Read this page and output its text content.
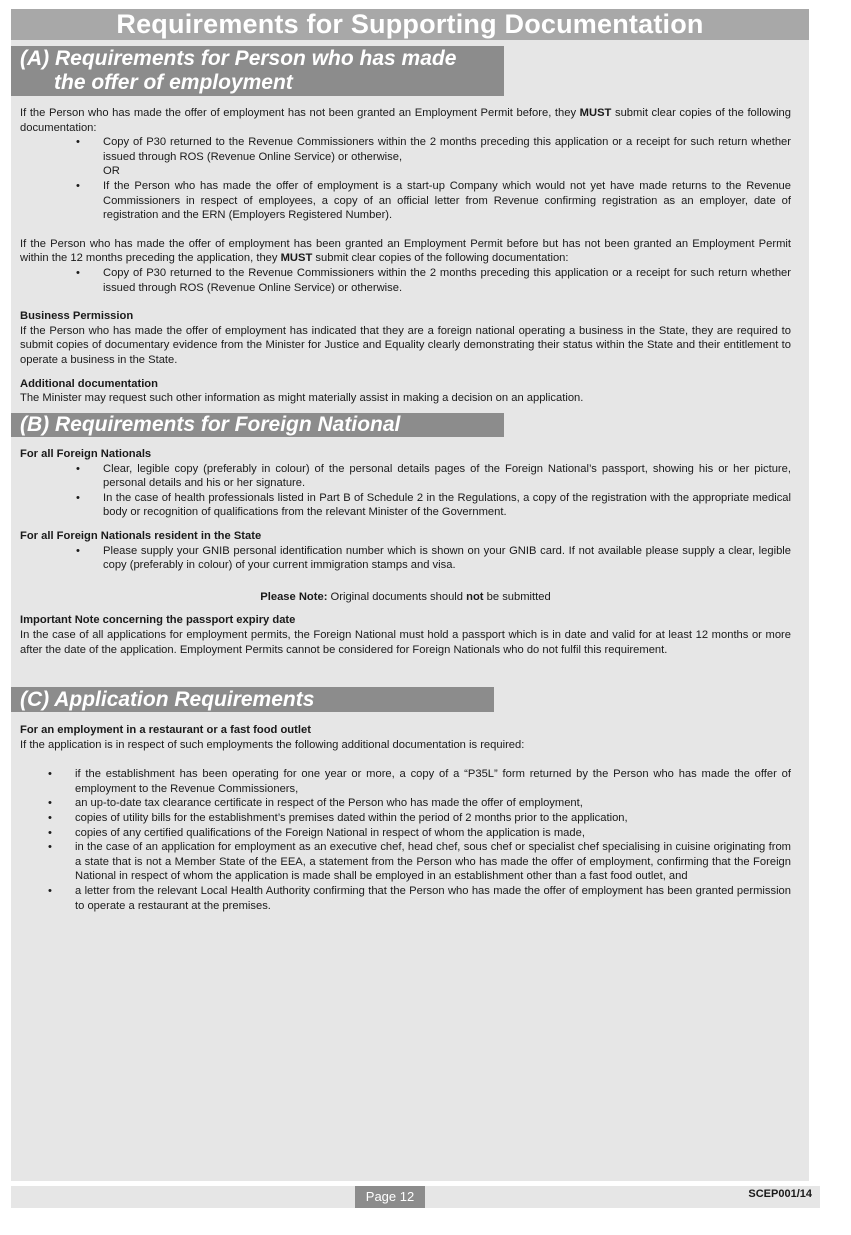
Requirements for Supporting Documentation
(A) Requirements for Person who has made
the offer of employment

If the Person who has made the offer of employment has not been granted an Employment Permit before, they MUST submit clear copies of the following documentation:

• Copy of P30 returned to the Revenue Commissioners within the 2 months preceding this application or a receipt for such return whether issued through ROS (Revenue Online Service) or otherwise,
OR
• If the Person who has made the offer of employment is a start-up Company which would not yet have made returns to the Revenue Commissioners in respect of employees, a copy of an official letter from Revenue confirming registration as an employer, date of registration and the ERN (Employers Registered Number).

If the Person who has made the offer of employment has been granted an Employment Permit before but has not been granted an Employment Permit within the 12 months preceding the application, they MUST submit clear copies of the following documentation:

• Copy of P30 returned to the Revenue Commissioners within the 2 months preceding this application or a receipt for such return whether issued through ROS (Revenue Online Service) or otherwise.

Business Permission

If the Person who has made the offer of employment has indicated that they are a foreign national operating a business in the State, they are required to submit copies of documentary evidence from the Minister for Justice and Equality clearly demonstrating their status within the State and their entitlement to operate a business in the State.

Additional documentation

The Minister may request such other information as might materially assist in making a decision on an application.

(B) Requirements for Foreign National

For all Foreign Nationals

• Clear, legible copy (preferably in colour) of the personal details pages of the Foreign National’s passport, showing his or her picture, personal details and his or her signature.
• In the case of health professionals listed in Part B of Schedule 2 in the Regulations, a copy of the registration with the appropriate medical body or recognition of qualifications from the relevant Minister of the Government.

For all Foreign Nationals resident in the State

• Please supply your GNIB personal identification number which is shown on your GNIB card. If not available please supply a clear, legible copy (preferably in colour) of your current immigration stamps and visa.

Please Note: Original documents should not be submitted

Important Note concerning the passport expiry date

In the case of all applications for employment permits, the Foreign National must hold a passport which is in date and valid for at least 12 months or more after the date of the application. Employment Permits cannot be considered for Foreign Nationals who do not fulfil this requirement.

(C) Application Requirements

For an employment in a restaurant or a fast food outlet

If the application is in respect of such employments the following additional documentation is required:

• if the establishment has been operating for one year or more, a copy of a “P35L” form returned by the Person who has made the offer of employment to the Revenue Commissioners,
• an up-to-date tax clearance certificate in respect of the Person who has made the offer of employment,
• copies of utility bills for the establishment’s premises dated within the period of 2 months prior to the application,
• copies of any certified qualifications of the Foreign National in respect of whom the application is made,
• in the case of an application for employment as an executive chef, head chef, sous chef or specialist chef specialising in cuisine originating from a state that is not a Member State of the EEA, a statement from the Person who has made the offer of employment, confirming that the Foreign National in respect of whom the application is made shall be employed in an establishment other than a fast food outlet, and
• a letter from the relevant Local Health Authority confirming that the Person who has made the offer of employment has been granted permission to operate a restaurant at the premises.
Page 12	SCEP001/14
